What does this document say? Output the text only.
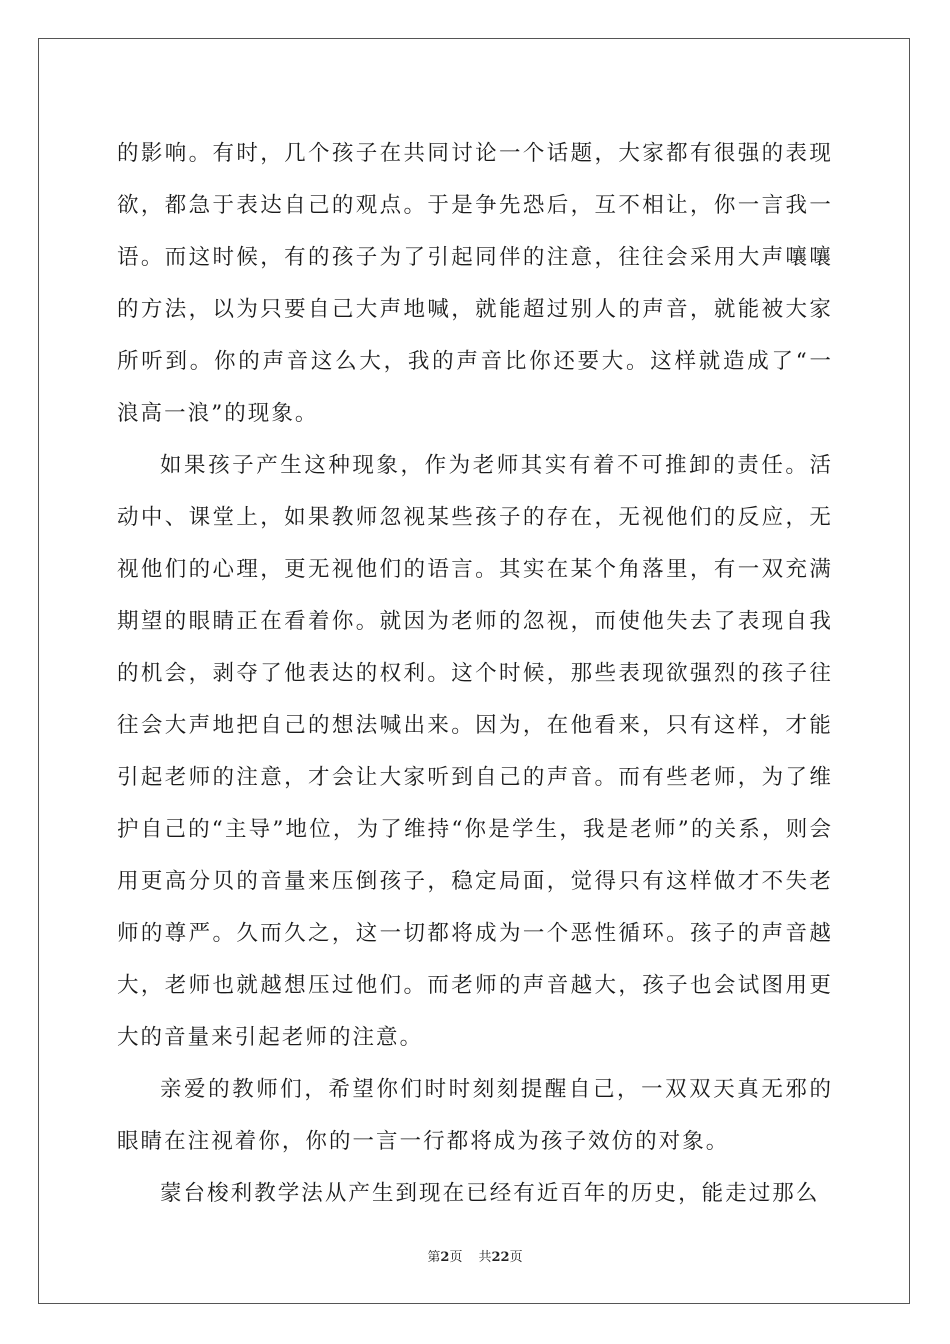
的影响。有时，几个孩子在共同讨论一个话题，大家都有很强的表现欲，都急于表达自己的观点。于是争先恐后，互不相让，你一言我一语。而这时候，有的孩子为了引起同伴的注意，往往会采用大声嚷嚷的方法，以为只要自己大声地喊，就能超过别人的声音，就能被大家所听到。你的声音这么大，我的声音比你还要大。这样就造成了“一浪高一浪”的现象。

如果孩子产生这种现象，作为老师其实有着不可推卸的责任。活动中、课堂上，如果教师忽视某些孩子的存在，无视他们的反应，无视他们的心理，更无视他们的语言。其实在某个角落里，有一双充满期望的眼睛正在看着你。就因为老师的忽视，而使他失去了表现自我的机会，剥夺了他表达的权利。这个时候，那些表现欲强烈的孩子往往会大声地把自己的想法喊出来。因为，在他看来，只有这样，才能引起老师的注意，才会让大家听到自己的声音。而有些老师，为了维护自己的“主导”地位，为了维持“你是学生，我是老师”的关系，则会用更高分贝的音量来压倒孩子，稳定局面，觉得只有这样做才不失老师的尊严。久而久之，这一切都将成为一个恶性循环。孩子的声音越大，老师也就越想压过他们。而老师的声音越大，孩子也会试图用更大的音量来引起老师的注意。

亲爱的教师们，希望你们时时刻刻提醒自己，一双双天真无邪的眼睛在注视着你，你的一言一行都将成为孩子效仿的对象。

蒙台梭利教学法从产生到现在已经有近百年的历史，能走过那么

第2页 共22页
